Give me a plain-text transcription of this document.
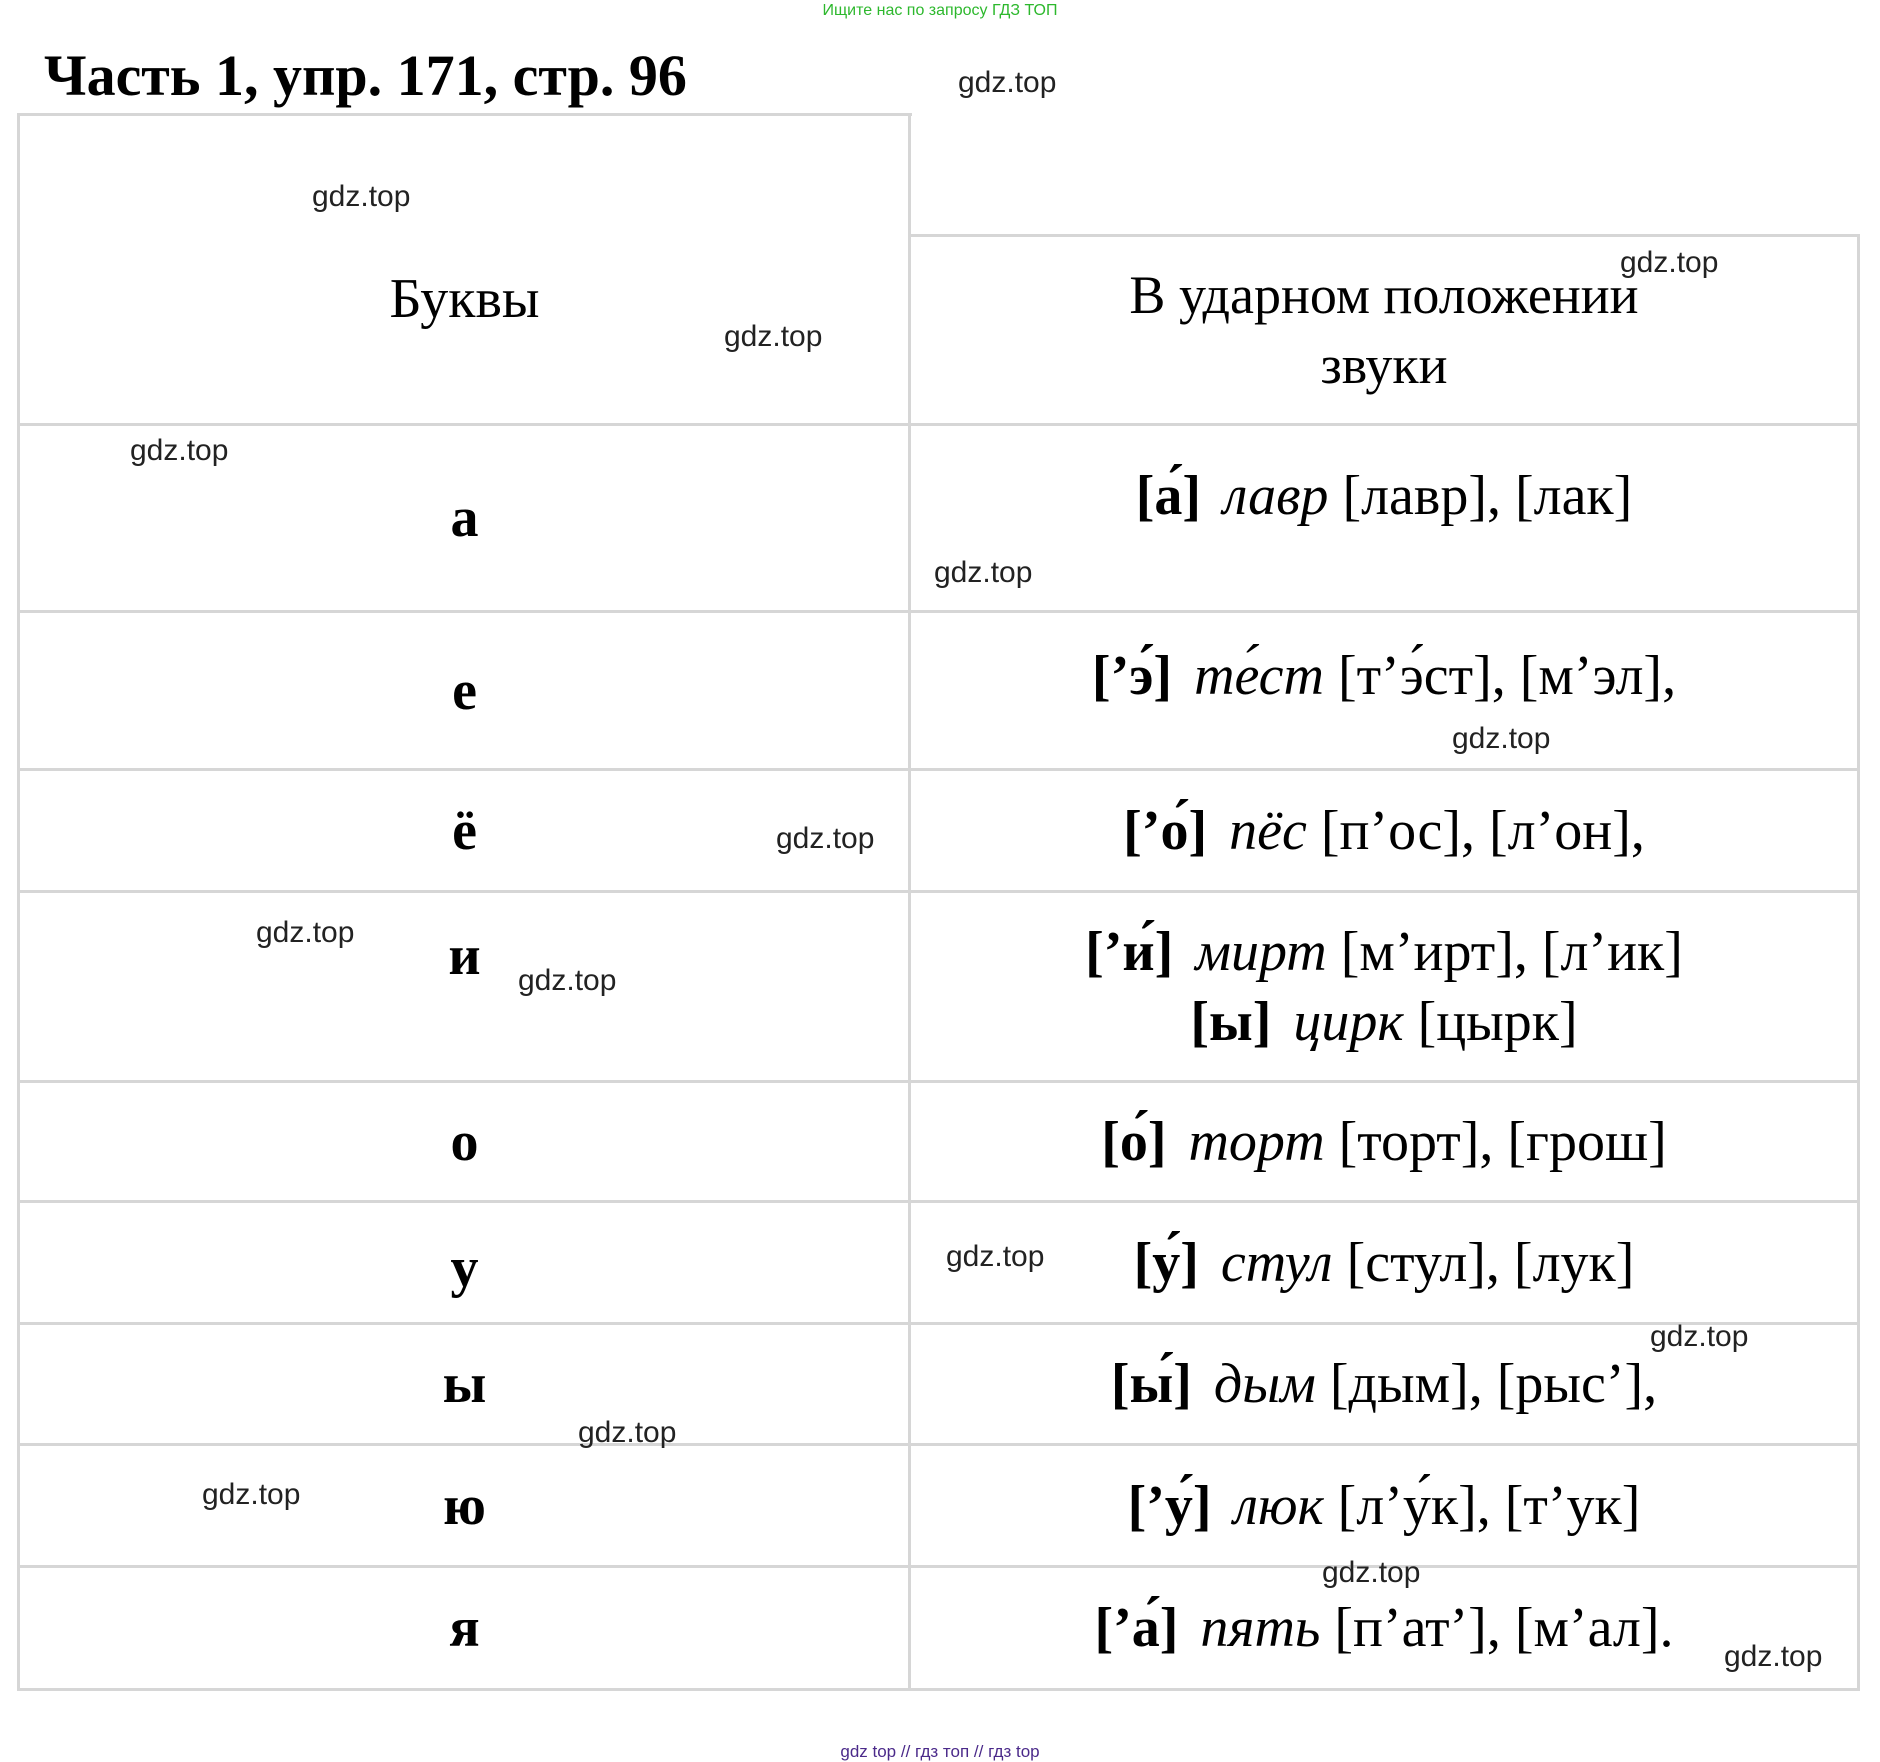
Ищите нас по запросу ГДЗ ТОП
Часть 1, упр. 171, стр. 96
Буквы	В ударном положении
звуки
а	[а́] лавр [лавр], [лак]
е	[’э́] те́ст [т’э́ст], [м’эл],
ё	[’о́] пёс [п’ос], [л’он],
и	[’и́] мирт [м’ирт], [л’ик]
[ы] цирк [цырк]
о	[о́] торт [торт], [грош]
у	[у́] стул [стул], [лук]
ы	[ы́] дым [дым], [рыс’],
ю	[’у́] люк [л’у́к], [т’ук]
я	[’а́] пять [п’ат’], [м’ал].
gdz.top
gdz.top
gdz.top
gdz.top
gdz.top
gdz.top
gdz.top
gdz.top
gdz.top
gdz.top
gdz.top
gdz.top
gdz.top
gdz.top
gdz.top
gdz.top
gdz top // гдз топ // гдз top
